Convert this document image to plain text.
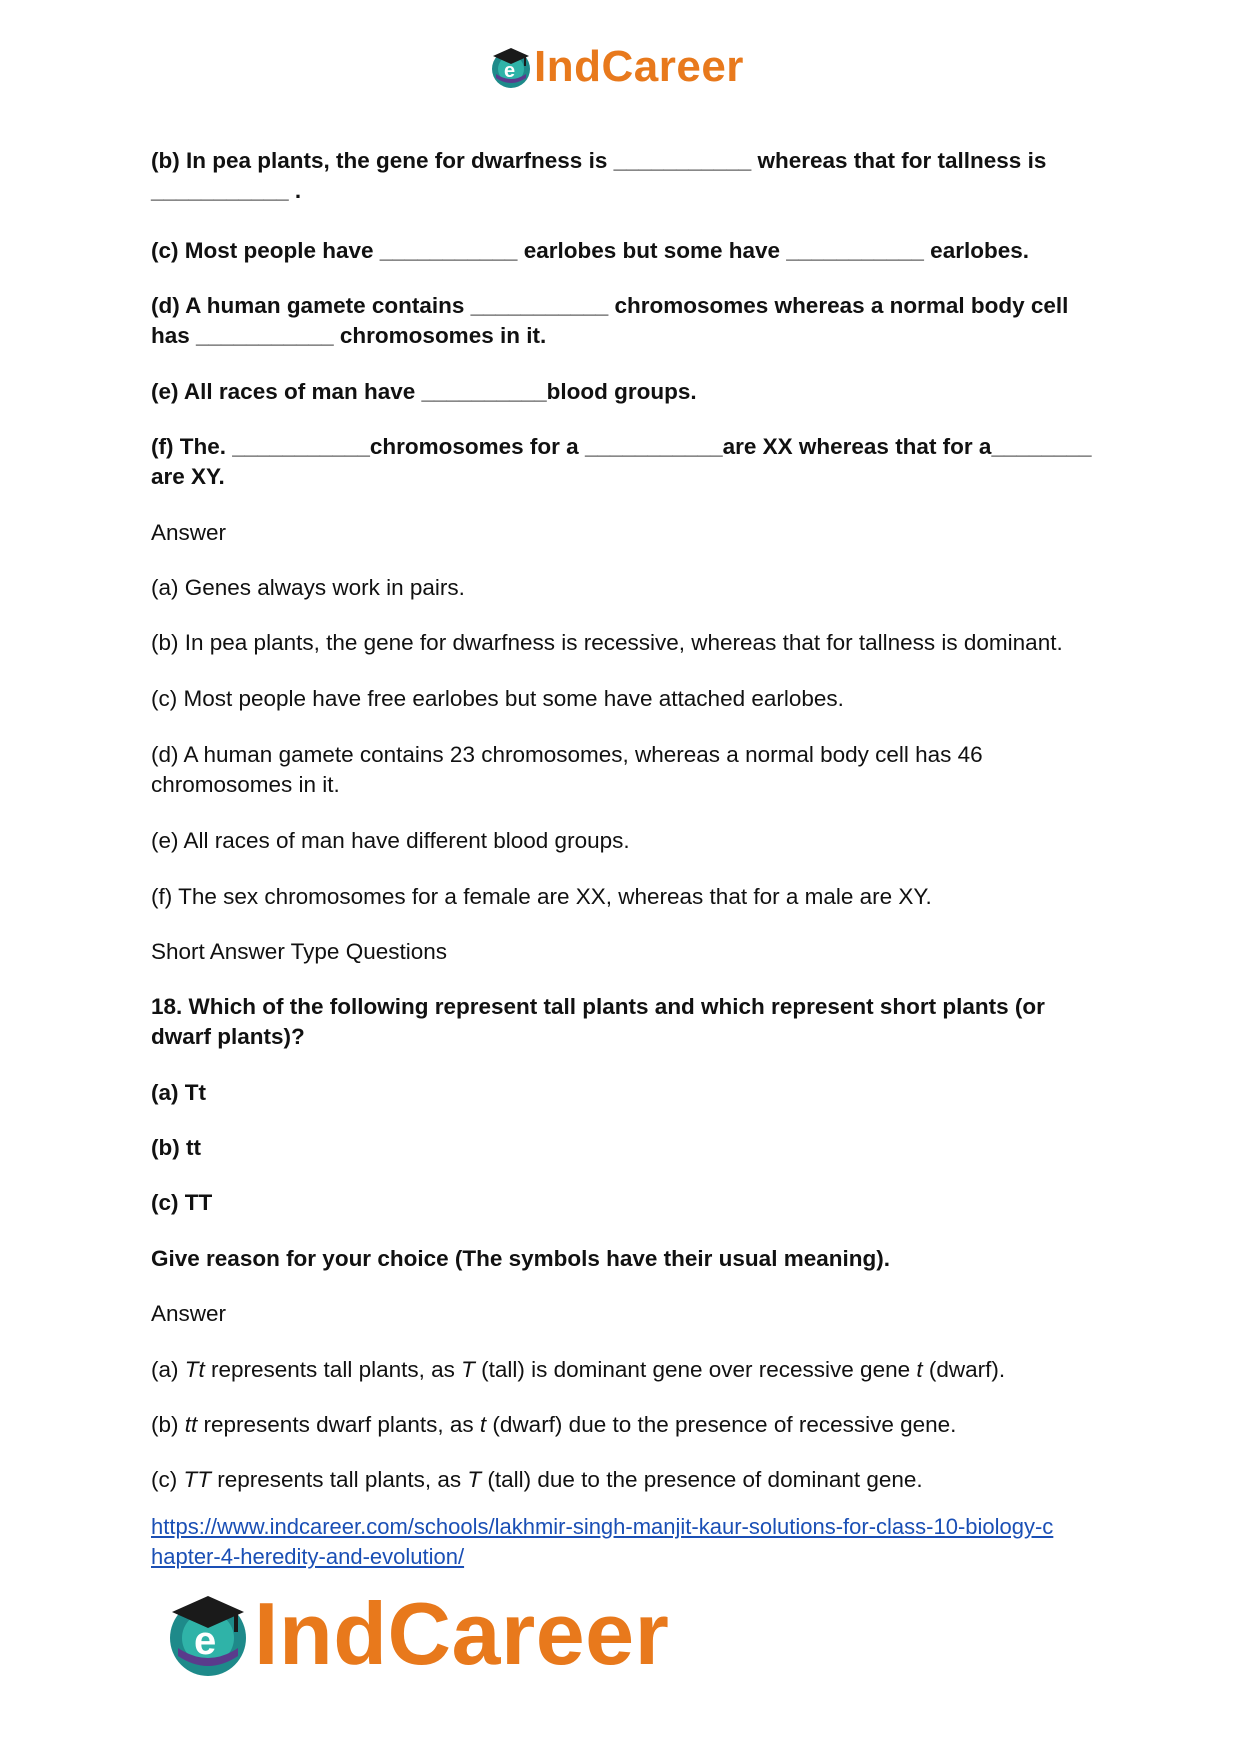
e IndCareer

(b) In pea plants, the gene for dwarfness is ___________ whereas that for tallness is ___________ .

(c) Most people have ___________ earlobes but some have ___________ earlobes.

(d) A human gamete contains ___________ chromosomes whereas a normal body cell has ___________ chromosomes in it.

(e) All races of man have __________blood groups.

(f) The. ___________chromosomes for a ___________are XX whereas that for a________ are XY.

Answer

(a) Genes always work in pairs.

(b) In pea plants, the gene for dwarfness is recessive, whereas that for tallness is dominant.

(c) Most people have free earlobes but some have attached earlobes.

(d) A human gamete contains 23 chromosomes, whereas a normal body cell has 46 chromosomes in it.

(e) All races of man have different blood groups.

(f) The sex chromosomes for a female are XX, whereas that for a male are XY.

Short Answer Type Questions

18. Which of the following represent tall plants and which represent short plants (or dwarf plants)?

(a) Tt

(b) tt

(c) TT

Give reason for your choice (The symbols have their usual meaning).

Answer

(a) Tt represents tall plants, as T (tall) is dominant gene over recessive gene t (dwarf).

(b) tt represents dwarf plants, as t (dwarf) due to the presence of recessive gene.

(c) TT represents tall plants, as T (tall) due to the presence of dominant gene.

https://www.indcareer.com/schools/lakhmir-singh-manjit-kaur-solutions-for-class-10-biology-c
hapter-4-heredity-and-evolution/

e IndCareer
